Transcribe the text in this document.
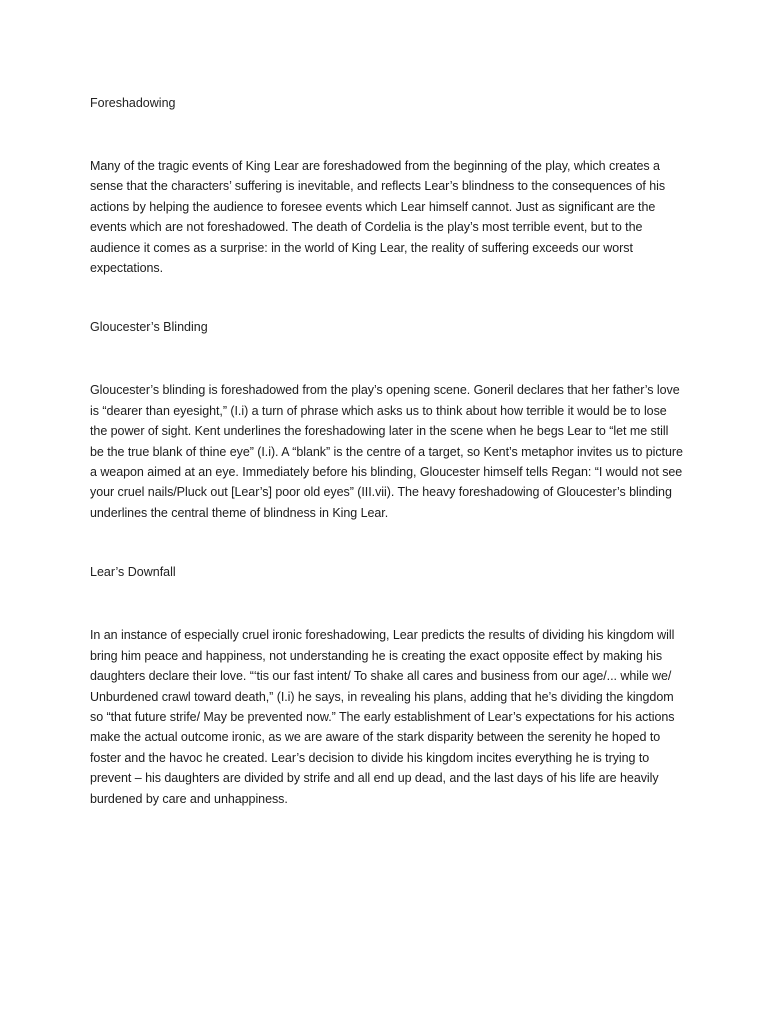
Foreshadowing

Many of the tragic events of King Lear are foreshadowed from the beginning of the play, which creates a sense that the characters’ suffering is inevitable, and reflects Lear’s blindness to the consequences of his actions by helping the audience to foresee events which Lear himself cannot. Just as significant are the events which are not foreshadowed. The death of Cordelia is the play’s most terrible event, but to the audience it comes as a surprise: in the world of King Lear, the reality of suffering exceeds our worst expectations.

Gloucester’s Blinding

Gloucester’s blinding is foreshadowed from the play’s opening scene. Goneril declares that her father’s love is “dearer than eyesight,” (I.i) a turn of phrase which asks us to think about how terrible it would be to lose the power of sight. Kent underlines the foreshadowing later in the scene when he begs Lear to “let me still be the true blank of thine eye” (I.i). A “blank” is the centre of a target, so Kent’s metaphor invites us to picture a weapon aimed at an eye. Immediately before his blinding, Gloucester himself tells Regan: “I would not see your cruel nails/Pluck out [Lear’s] poor old eyes” (III.vii). The heavy foreshadowing of Gloucester’s blinding underlines the central theme of blindness in King Lear.

Lear’s Downfall

In an instance of especially cruel ironic foreshadowing, Lear predicts the results of dividing his kingdom will bring him peace and happiness, not understanding he is creating the exact opposite effect by making his daughters declare their love. “‘tis our fast intent/ To shake all cares and business from our age/... while we/ Unburdened crawl toward death,” (I.i) he says, in revealing his plans, adding that he’s dividing the kingdom so “that future strife/ May be prevented now.” The early establishment of Lear’s expectations for his actions make the actual outcome ironic, as we are aware of the stark disparity between the serenity he hoped to foster and the havoc he created. Lear’s decision to divide his kingdom incites everything he is trying to prevent – his daughters are divided by strife and all end up dead, and the last days of his life are heavily burdened by care and unhappiness.
